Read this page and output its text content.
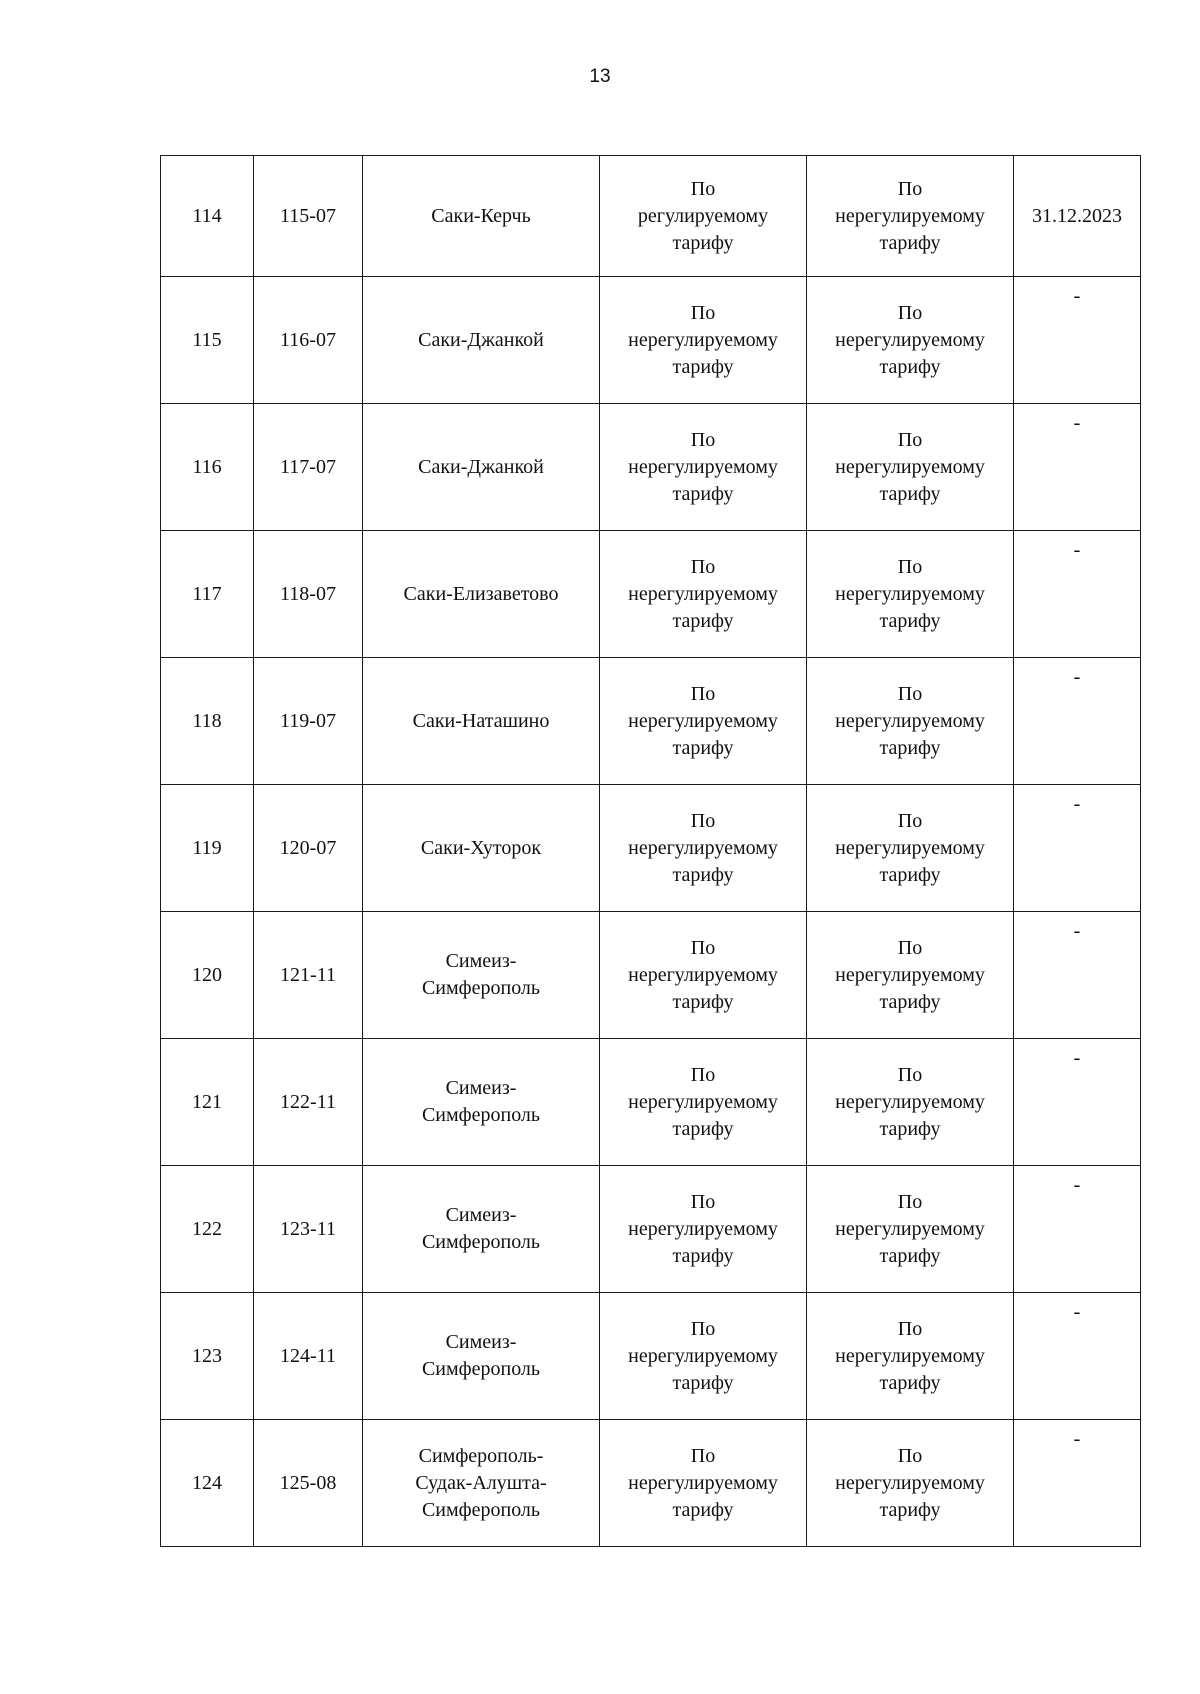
13
114	115-07	Саки-Керчь	По
регулируемому
тарифу	По
нерегулируемому
тарифу	31.12.2023
115	116-07	Саки-Джанкой	По
нерегулируемому
тарифу	По
нерегулируемому
тарифу	-
116	117-07	Саки-Джанкой	По
нерегулируемому
тарифу	По
нерегулируемому
тарифу	-
117	118-07	Саки-Елизаветово	По
нерегулируемому
тарифу	По
нерегулируемому
тарифу	-
118	119-07	Саки-Наташино	По
нерегулируемому
тарифу	По
нерегулируемому
тарифу	-
119	120-07	Саки-Хуторок	По
нерегулируемому
тарифу	По
нерегулируемому
тарифу	-
120	121-11	Симеиз-
Симферополь	По
нерегулируемому
тарифу	По
нерегулируемому
тарифу	-
121	122-11	Симеиз-
Симферополь	По
нерегулируемому
тарифу	По
нерегулируемому
тарифу	-
122	123-11	Симеиз-
Симферополь	По
нерегулируемому
тарифу	По
нерегулируемому
тарифу	-
123	124-11	Симеиз-
Симферополь	По
нерегулируемому
тарифу	По
нерегулируемому
тарифу	-
124	125-08	Симферополь-
Судак-Алушта-
Симферополь	По
нерегулируемому
тарифу	По
нерегулируемому
тарифу	-
